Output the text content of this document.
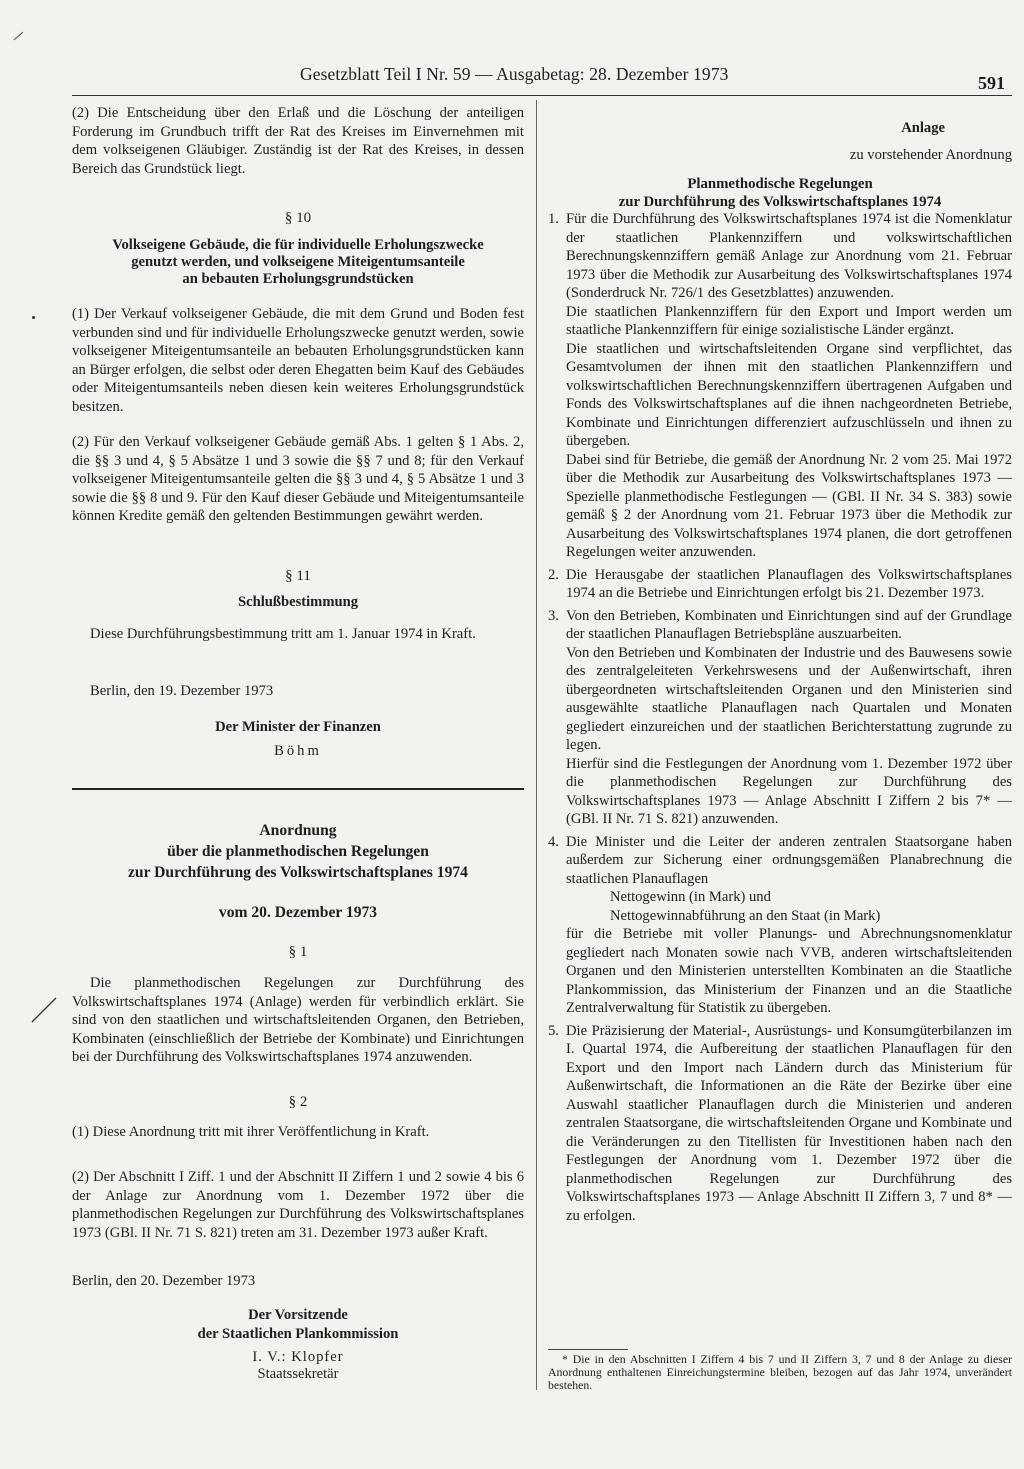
Gesetzblatt Teil I Nr. 59 — Ausgabetag: 28. Dezember 1973	591

(2) Die Entscheidung über den Erlaß und die Löschung der anteiligen Forderung im Grundbuch trifft der Rat des Kreises im Einvernehmen mit dem volkseigenen Gläubiger. Zuständig ist der Rat des Kreises, in dessen Bereich das Grundstück liegt.

§ 10
Volkseigene Gebäude, die für individuelle Erholungszwecke
genutzt werden, und volkseigene Miteigentumsanteile
an bebauten Erholungsgrundstücken

(1) Der Verkauf volkseigener Gebäude, die mit dem Grund und Boden fest verbunden sind und für individuelle Erholungszwecke genutzt werden, sowie volkseigener Miteigentumsanteile an bebauten Erholungsgrundstücken kann an Bürger erfolgen, die selbst oder deren Ehegatten beim Kauf des Gebäudes oder Miteigentumsanteils neben diesen kein weiteres Erholungsgrundstück besitzen.

(2) Für den Verkauf volkseigener Gebäude gemäß Abs. 1 gelten § 1 Abs. 2, die §§ 3 und 4, § 5 Absätze 1 und 3 sowie die §§ 7 und 8; für den Verkauf volkseigener Miteigentumsanteile gelten die §§ 3 und 4, § 5 Absätze 1 und 3 sowie die §§ 8 und 9. Für den Kauf dieser Gebäude und Miteigentumsanteile können Kredite gemäß den geltenden Bestimmungen gewährt werden.

§ 11
Schlußbestimmung

Diese Durchführungsbestimmung tritt am 1. Januar 1974 in Kraft.

Berlin, den 19. Dezember 1973
Der Minister der Finanzen
Böhm
Anordnung
über die planmethodischen Regelungen
zur Durchführung des Volkswirtschaftsplanes 1974
vom 20. Dezember 1973
§ 1

Die planmethodischen Regelungen zur Durchführung des Volkswirtschaftsplanes 1974 (Anlage) werden für verbindlich erklärt. Sie sind von den staatlichen und wirtschaftsleitenden Organen, den Betrieben, Kombinaten (einschließlich der Betriebe der Kombinate) und Einrichtungen bei der Durchführung des Volkswirtschaftsplanes 1974 anzuwenden.

§ 2

(1) Diese Anordnung tritt mit ihrer Veröffentlichung in Kraft.

(2) Der Abschnitt I Ziff. 1 und der Abschnitt II Ziffern 1 und 2 sowie 4 bis 6 der Anlage zur Anordnung vom 1. Dezember 1972 über die planmethodischen Regelungen zur Durchführung des Volkswirtschaftsplanes 1973 (GBl. II Nr. 71 S. 821) treten am 31. Dezember 1973 außer Kraft.

Berlin, den 20. Dezember 1973
Der Vorsitzende
der Staatlichen Plankommission
I. V.: Klopfer
Staatssekretär
Anlage
zu vorstehender Anordnung
Planmethodische Regelungen
zur Durchführung des Volkswirtschaftsplanes 1974
1. Für die Durchführung des Volkswirtschaftsplanes 1974 ist die Nomenklatur der staatlichen Plankennziffern und volkswirtschaftlichen Berechnungskennziffern gemäß Anlage zur Anordnung vom 21. Februar 1973 über die Methodik zur Ausarbeitung des Volkswirtschaftsplanes 1974 (Sonderdruck Nr. 726/1 des Gesetzblattes) anzuwenden.
Die staatlichen Plankennziffern für den Export und Import werden um staatliche Plankennziffern für einige sozialistische Länder ergänzt.
Die staatlichen und wirtschaftsleitenden Organe sind verpflichtet, das Gesamtvolumen der ihnen mit den staatlichen Plankennziffern und volkswirtschaftlichen Berechnungskennziffern übertragenen Aufgaben und Fonds des Volkswirtschaftsplanes auf die ihnen nachgeordneten Betriebe, Kombinate und Einrichtungen differenziert aufzuschlüsseln und ihnen zu übergeben.
Dabei sind für Betriebe, die gemäß der Anordnung Nr. 2 vom 25. Mai 1972 über die Methodik zur Ausarbeitung des Volkswirtschaftsplanes 1973 — Spezielle planmethodische Festlegungen — (GBl. II Nr. 34 S. 383) sowie gemäß § 2 der Anordnung vom 21. Februar 1973 über die Methodik zur Ausarbeitung des Volkswirtschaftsplanes 1974 planen, die dort getroffenen Regelungen weiter anzuwenden.
2. Die Herausgabe der staatlichen Planauflagen des Volkswirtschaftsplanes 1974 an die Betriebe und Einrichtungen erfolgt bis 21. Dezember 1973.
3. Von den Betrieben, Kombinaten und Einrichtungen sind auf der Grundlage der staatlichen Planauflagen Betriebspläne auszuarbeiten.
Von den Betrieben und Kombinaten der Industrie und des Bauwesens sowie des zentralgeleiteten Verkehrswesens und der Außenwirtschaft, ihren übergeordneten wirtschaftsleitenden Organen und den Ministerien sind ausgewählte staatliche Planauflagen nach Quartalen und Monaten gegliedert einzureichen und der staatlichen Berichterstattung zugrunde zu legen.
Hierfür sind die Festlegungen der Anordnung vom 1. Dezember 1972 über die planmethodischen Regelungen zur Durchführung des Volkswirtschaftsplanes 1973 — Anlage Abschnitt I Ziffern 2 bis 7* — (GBl. II Nr. 71 S. 821) anzuwenden.
4. Die Minister und die Leiter der anderen zentralen Staatsorgane haben außerdem zur Sicherung einer ordnungsgemäßen Planabrechnung die staatlichen Planauflagen
Nettogewinn (in Mark) und
Nettogewinnabführung an den Staat (in Mark)
für die Betriebe mit voller Planungs- und Abrechnungsnomenklatur gegliedert nach Monaten sowie nach VVB, anderen wirtschaftsleitenden Organen und den Ministerien unterstellten Kombinaten an die Staatliche Plankommission, das Ministerium der Finanzen und an die Staatliche Zentralverwaltung für Statistik zu übergeben.
5. Die Präzisierung der Material-, Ausrüstungs- und Konsumgüterbilanzen im I. Quartal 1974, die Aufbereitung der staatlichen Planauflagen für den Export und den Import nach Ländern durch das Ministerium für Außenwirtschaft, die Informationen an die Räte der Bezirke über eine Auswahl staatlicher Planauflagen durch die Ministerien und anderen zentralen Staatsorgane, die wirtschaftsleitenden Organe und Kombinate und die Veränderungen zu den Titellisten für Investitionen haben nach den Festlegungen der Anordnung vom 1. Dezember 1972 über die planmethodischen Regelungen zur Durchführung des Volkswirtschaftsplanes 1973 — Anlage Abschnitt II Ziffern 3, 7 und 8* — zu erfolgen.

* Die in den Abschnitten I Ziffern 4 bis 7 und II Ziffern 3, 7 und 8 der Anlage zu dieser Anordnung enthaltenen Einreichungstermine bleiben, bezogen auf das Jahr 1974, unverändert bestehen.
